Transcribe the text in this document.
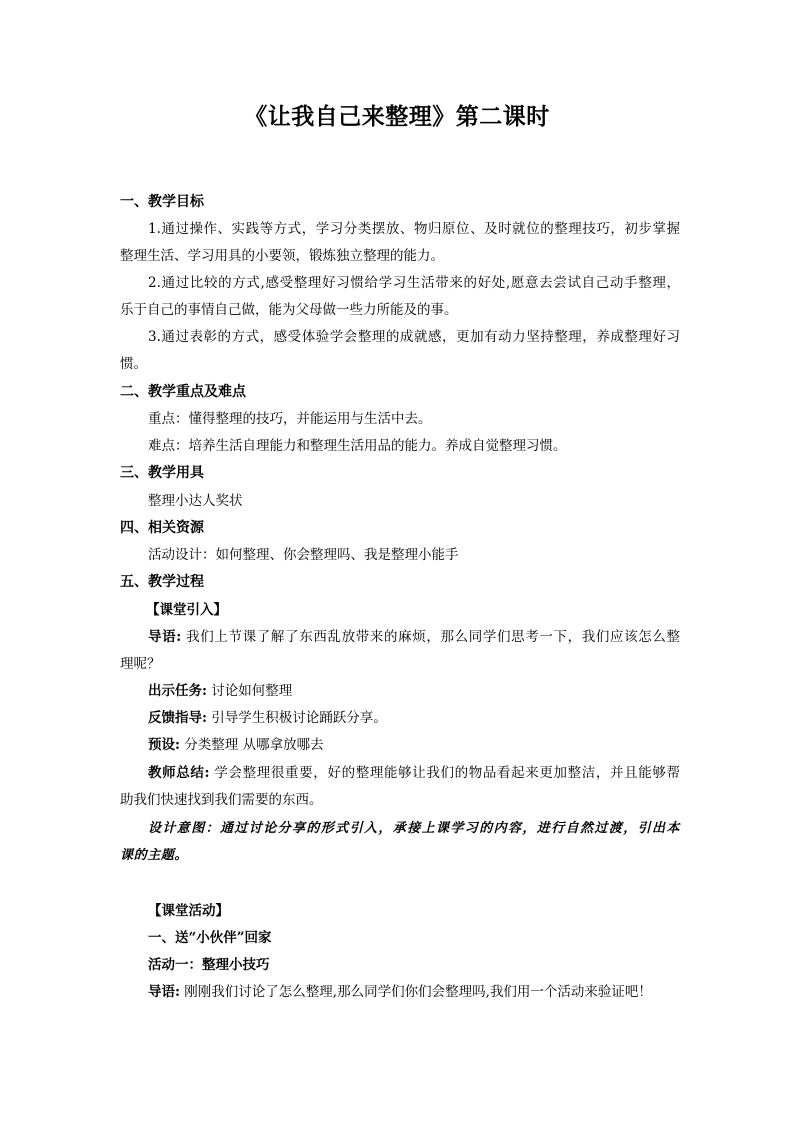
《让我自己来整理》第二课时
一、教学目标
1.通过操作、实践等方式，学习分类摆放、物归原位、及时就位的整理技巧，初步掌握
整理生活、学习用具的小要领，锻炼独立整理的能力。
2.通过比较的方式,感受整理好习惯给学习生活带来的好处,愿意去尝试自己动手整理，
乐于自己的事情自己做，能为父母做一些力所能及的事。
3.通过表彰的方式，感受体验学会整理的成就感，更加有动力坚持整理，养成整理好习
惯。
二、教学重点及难点
重点：懂得整理的技巧，并能运用与生活中去。
难点：培养生活自理能力和整理生活用品的能力。养成自觉整理习惯。
三、教学用具
整理小达人奖状
四、相关资源
活动设计：如何整理、你会整理吗、我是整理小能手
五、教学过程
【课堂引入】
导语: 我们上节课了解了东西乱放带来的麻烦，那么同学们思考一下，我们应该怎么整
理呢？
出示任务: 讨论如何整理
反馈指导: 引导学生积极讨论踊跃分享。
预设: 分类整理 从哪拿放哪去
教师总结: 学会整理很重要，好的整理能够让我们的物品看起来更加整洁，并且能够帮
助我们快速找到我们需要的东西。
设计意图：通过讨论分享的形式引入，承接上课学习的内容，进行自然过渡，引出本
课的主题。
【课堂活动】
一、送“小伙伴”回家
活动一：整理小技巧
导语: 刚刚我们讨论了怎么整理,那么同学们你们会整理吗,我们用一个活动来验证吧！
